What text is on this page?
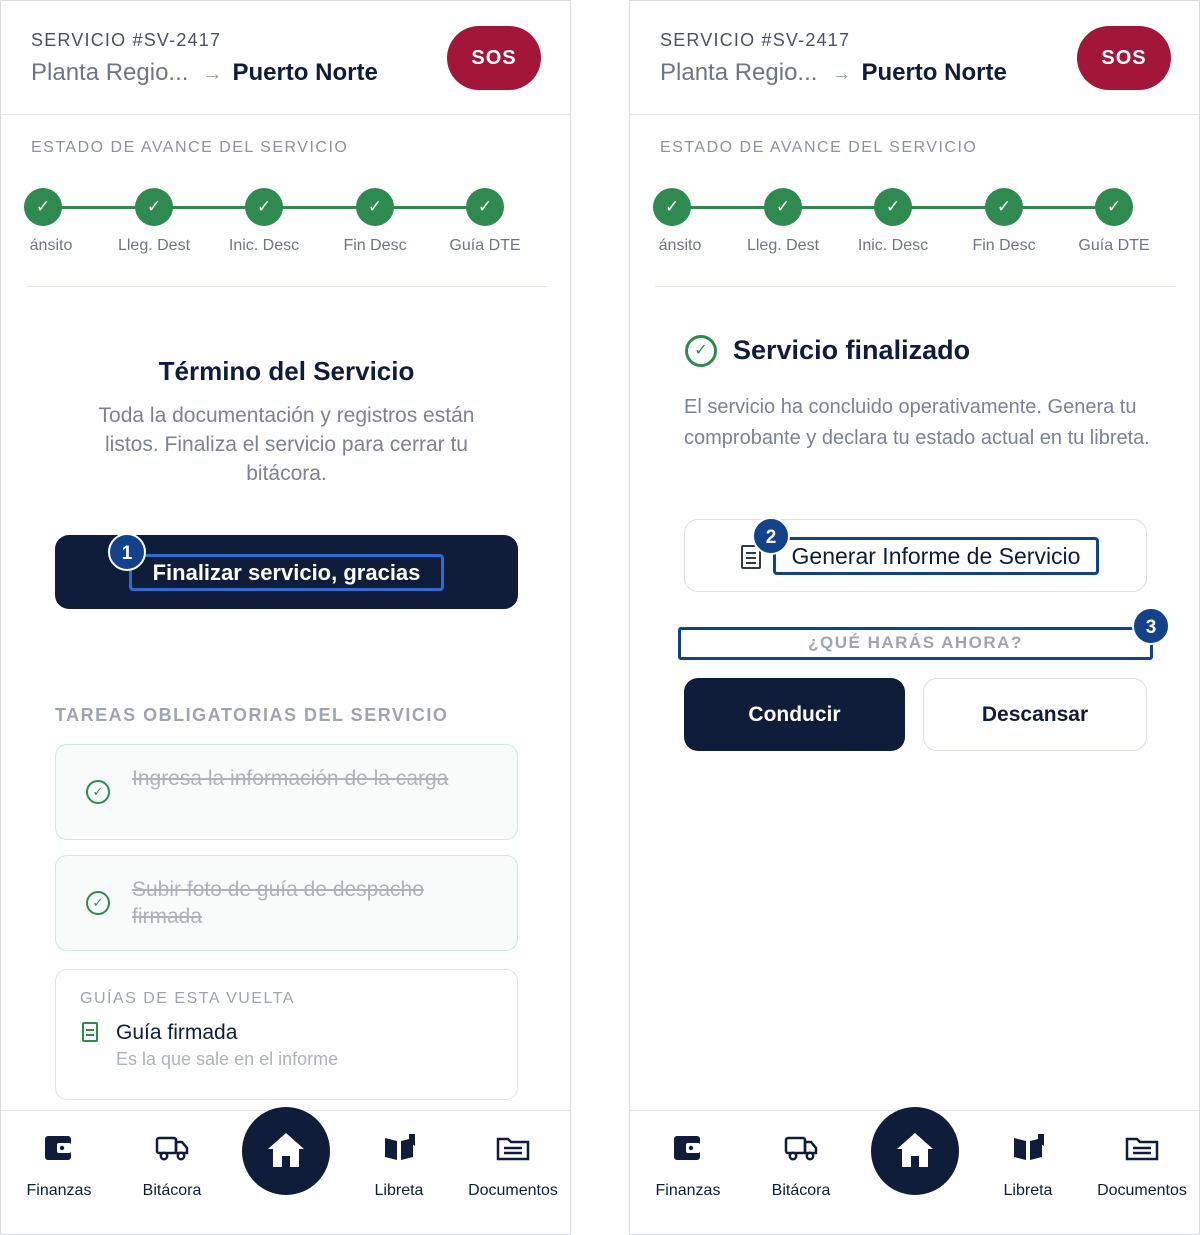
SERVICIO #SV-2417
Planta Regio... → Puerto Norte
SOS
ESTADO DE AVANCE DEL SERVICIO
✓	✓	✓	✓	✓
ánsito	Lleg. Dest Inic. Desc	Fin Desc	Guía DTE
Término del Servicio
Toda la documentación y registros están listos. Finaliza el servicio para cerrar tu bitácora.
Finalizar servicio, gracias
1
TAREAS OBLIGATORIAS DEL SERVICIO
✓
Ingresa la información de la carga
✓
Subir foto de guía de despacho firmada
GUÍAS DE ESTA VUELTA
Guía firmada
Es la que sale en el informe
Finanzas	Bitácora	Libreta	Documentos
SERVICIO #SV-2417
Planta Regio... → Puerto Norte
SOS
ESTADO DE AVANCE DEL SERVICIO
✓	✓	✓	✓	✓
ánsito	Lleg. Dest Inic. Desc	Fin Desc	Guía DTE
✓ Servicio finalizado
El servicio ha concluido operativamente. Genera tu comprobante y declara tu estado actual en tu libreta.
Generar Informe de Servicio
2
¿QUÉ HARÁS AHORA?
3
Conducir	Descansar
Finanzas	Bitácora	Libreta	Documentos
